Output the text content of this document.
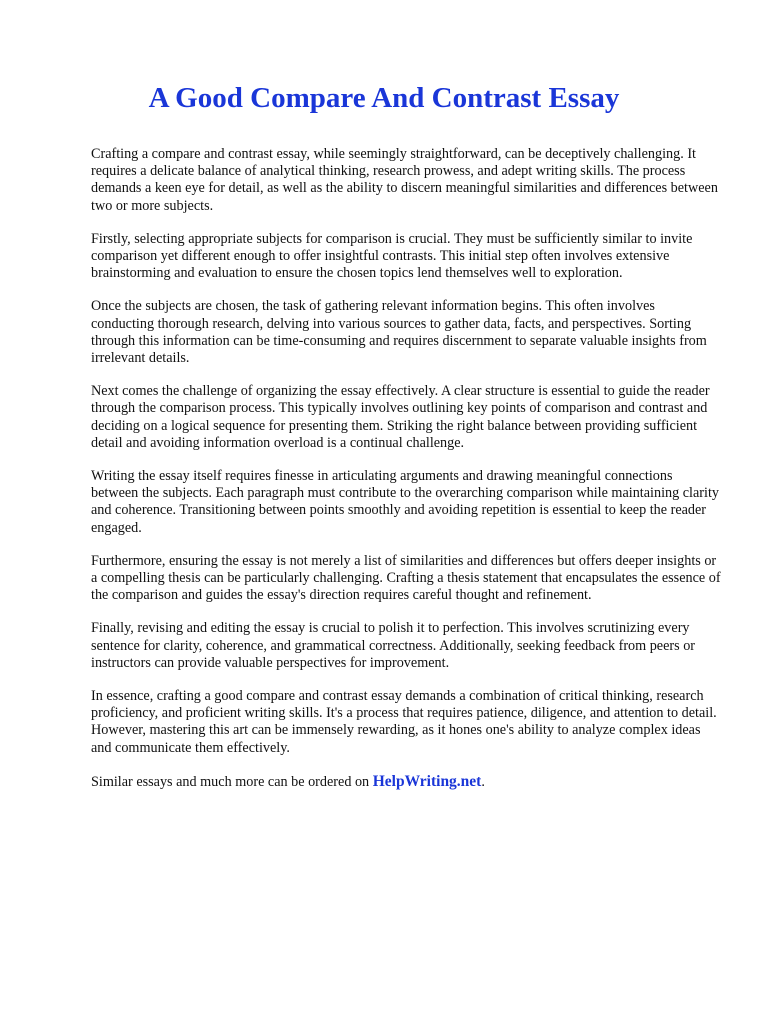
A Good Compare And Contrast Essay

Crafting a compare and contrast essay, while seemingly straightforward, can be deceptively challenging. It requires a delicate balance of analytical thinking, research prowess, and adept writing skills. The process demands a keen eye for detail, as well as the ability to discern meaningful similarities and differences between two or more subjects.

Firstly, selecting appropriate subjects for comparison is crucial. They must be sufficiently similar to invite comparison yet different enough to offer insightful contrasts. This initial step often involves extensive brainstorming and evaluation to ensure the chosen topics lend themselves well to exploration.

Once the subjects are chosen, the task of gathering relevant information begins. This often involves conducting thorough research, delving into various sources to gather data, facts, and perspectives. Sorting through this information can be time-consuming and requires discernment to separate valuable insights from irrelevant details.

Next comes the challenge of organizing the essay effectively. A clear structure is essential to guide the reader through the comparison process. This typically involves outlining key points of comparison and contrast and deciding on a logical sequence for presenting them. Striking the right balance between providing sufficient detail and avoiding information overload is a continual challenge.

Writing the essay itself requires finesse in articulating arguments and drawing meaningful connections between the subjects. Each paragraph must contribute to the overarching comparison while maintaining clarity and coherence. Transitioning between points smoothly and avoiding repetition is essential to keep the reader engaged.

Furthermore, ensuring the essay is not merely a list of similarities and differences but offers deeper insights or a compelling thesis can be particularly challenging. Crafting a thesis statement that encapsulates the essence of the comparison and guides the essay's direction requires careful thought and refinement.

Finally, revising and editing the essay is crucial to polish it to perfection. This involves scrutinizing every sentence for clarity, coherence, and grammatical correctness. Additionally, seeking feedback from peers or instructors can provide valuable perspectives for improvement.

In essence, crafting a good compare and contrast essay demands a combination of critical thinking, research proficiency, and proficient writing skills. It's a process that requires patience, diligence, and attention to detail. However, mastering this art can be immensely rewarding, as it hones one's ability to analyze complex ideas and communicate them effectively.

Similar essays and much more can be ordered on HelpWriting.net.
